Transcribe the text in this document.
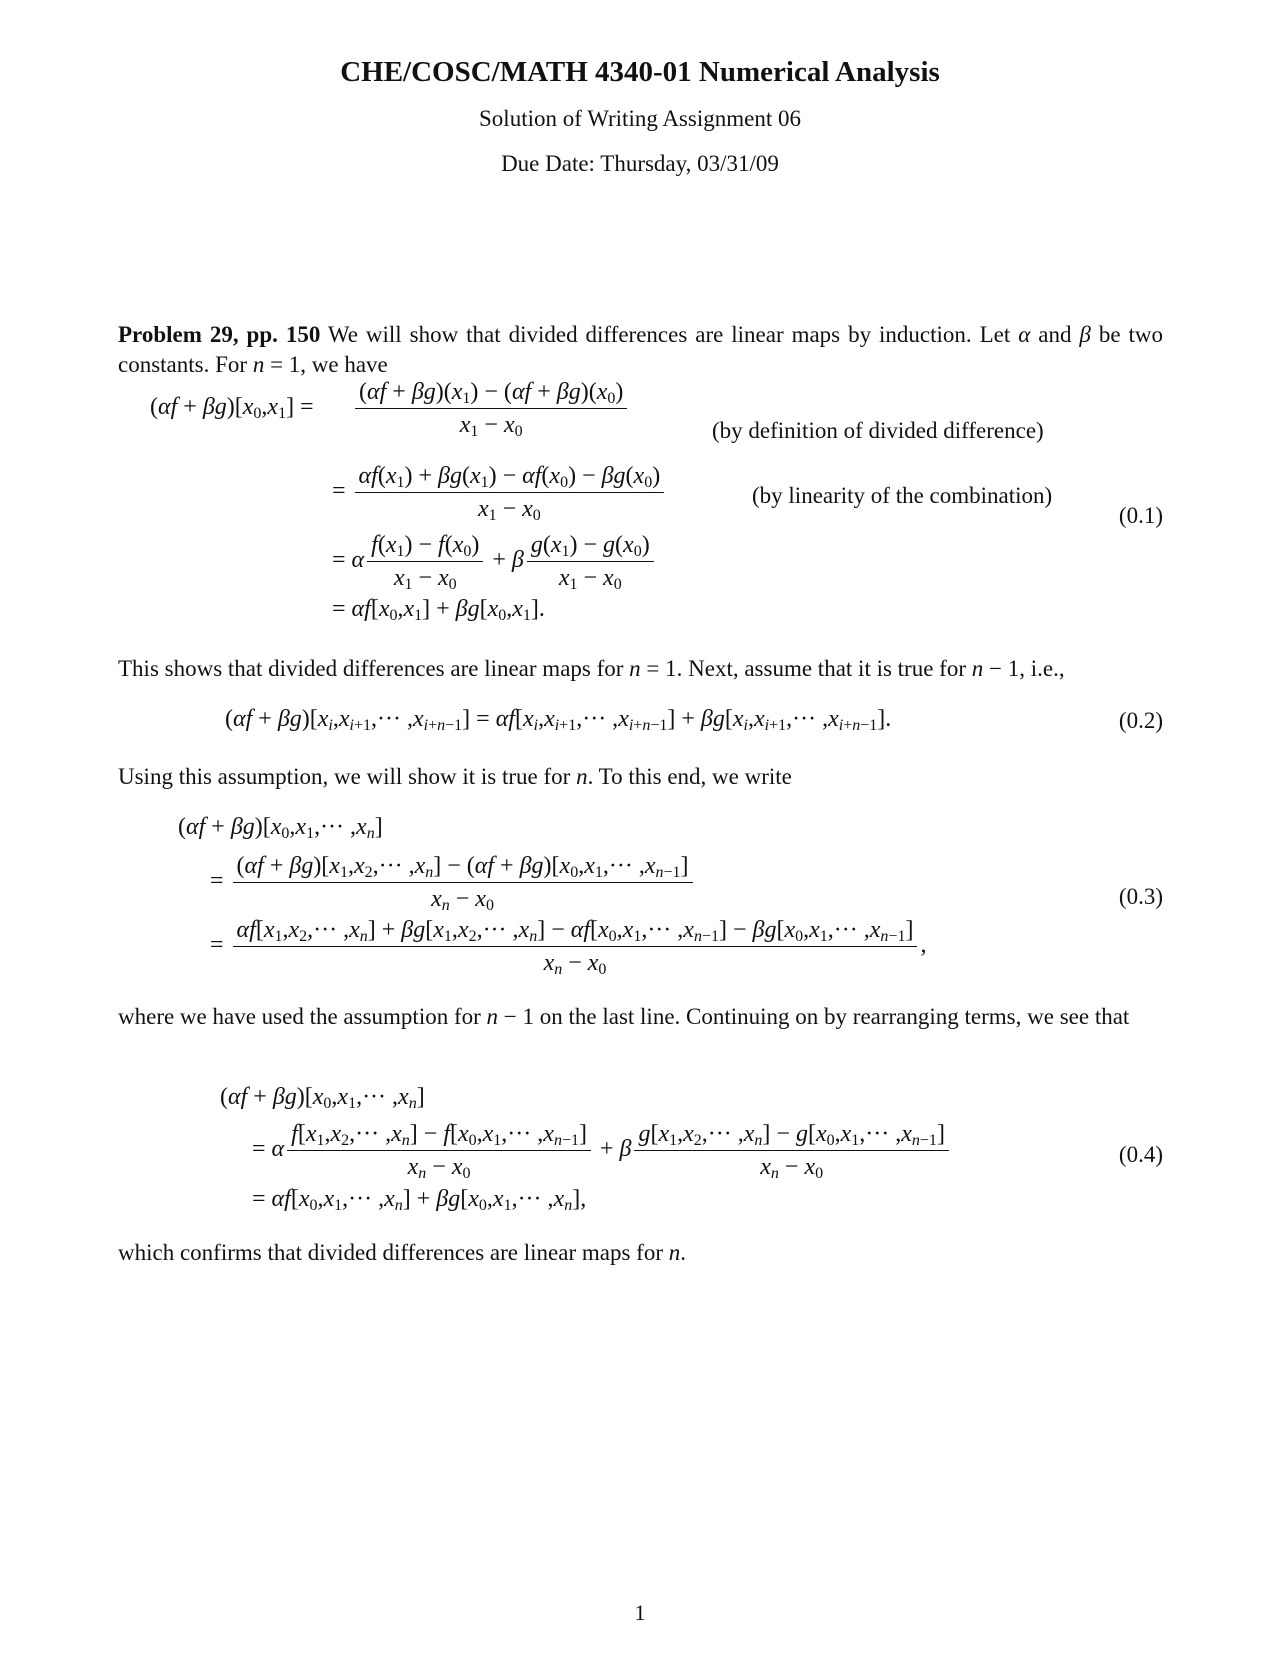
CHE/COSC/MATH 4340-01 Numerical Analysis
Solution of Writing Assignment 06
Due Date: Thursday, 03/31/09
Problem 29, pp. 150 We will show that divided differences are linear maps by induction. Let α and β be two constants. For n = 1, we have
$(\alpha f + \beta g)[x_0,x_1] = \frac{(\alpha f + \beta g)(x_1) - (\alpha f + \beta g)(x_0)}{x_1 - x_0}$	(by definition of divided difference)
= $\frac{\alpha f(x_1) + \beta g(x_1) - \alpha f(x_0) - \beta g(x_0)}{x_1 - x_0}$	(by linearity of the combination)
(0.1)
= α $\frac{f(x_1) - f(x_0)}{x_1 - x_0} + \beta \frac{g(x_1) - g(x_0)}{x_1 - x_0}$
= $\alpha f[x_0,x_1] + \beta g[x_0,x_1]$.
This shows that divided differences are linear maps for n = 1. Next, assume that it is true for n − 1, i.e.,
$(\alpha f + \beta g)[x_i,x_{i+1},\cdot\cdot\cdot ,x_{i+n-1}] = \alpha f[x_i,x_{i+1},\cdot\cdot\cdot ,x_{i+n-1}] + \beta g[x_i,x_{i+1},\cdot\cdot\cdot ,x_{i+n-1}]$.	(0.2)
Using this assumption, we will show it is true for n. To this end, we write
$(\alpha f + \beta g)[x_0,x_1,\cdot\cdot\cdot ,x_n]$
= $\frac{(\alpha f + \beta g)[x_1,x_2,\cdot\cdot\cdot ,x_n] - (\alpha f + \beta g)[x_0,x_1,\cdot\cdot\cdot ,x_{n-1}]}{x_n - x_0}$	(0.3)
=
$\alpha f[x_1,x_2,\cdot\cdot\cdot ,x_n] + \beta g[x_1,x_2,\cdot\cdot\cdot ,x_n] - \alpha f[x_0,x_1,\cdot\cdot\cdot ,x_{n-1}] - \beta g[x_0,x_1,\cdot\cdot\cdot ,x_{n-1}]$
$x_n - x_0$
,
where we have used the assumption for n − 1 on the last line. Continuing on by rearranging terms, we see that
$(\alpha f + \beta g)[x_0,x_1,\cdot\cdot\cdot ,x_n]$
= α $\frac{f[x_1,x_2,\cdot\cdot\cdot ,x_n] - f[x_0,x_1,\cdot\cdot\cdot ,x_{n-1}]}{x_n - x_0} + \beta \frac{g[x_1,x_2,\cdot\cdot\cdot ,x_n] - g[x_0,x_1,\cdot\cdot\cdot ,x_{n-1}]}{x_n - x_0}$	(0.4)
= $\alpha f[x_0,x_1,\cdot\cdot\cdot ,x_n] + \beta g[x_0,x_1,\cdot\cdot\cdot ,x_n]$,
which confirms that divided differences are linear maps for n.
1
